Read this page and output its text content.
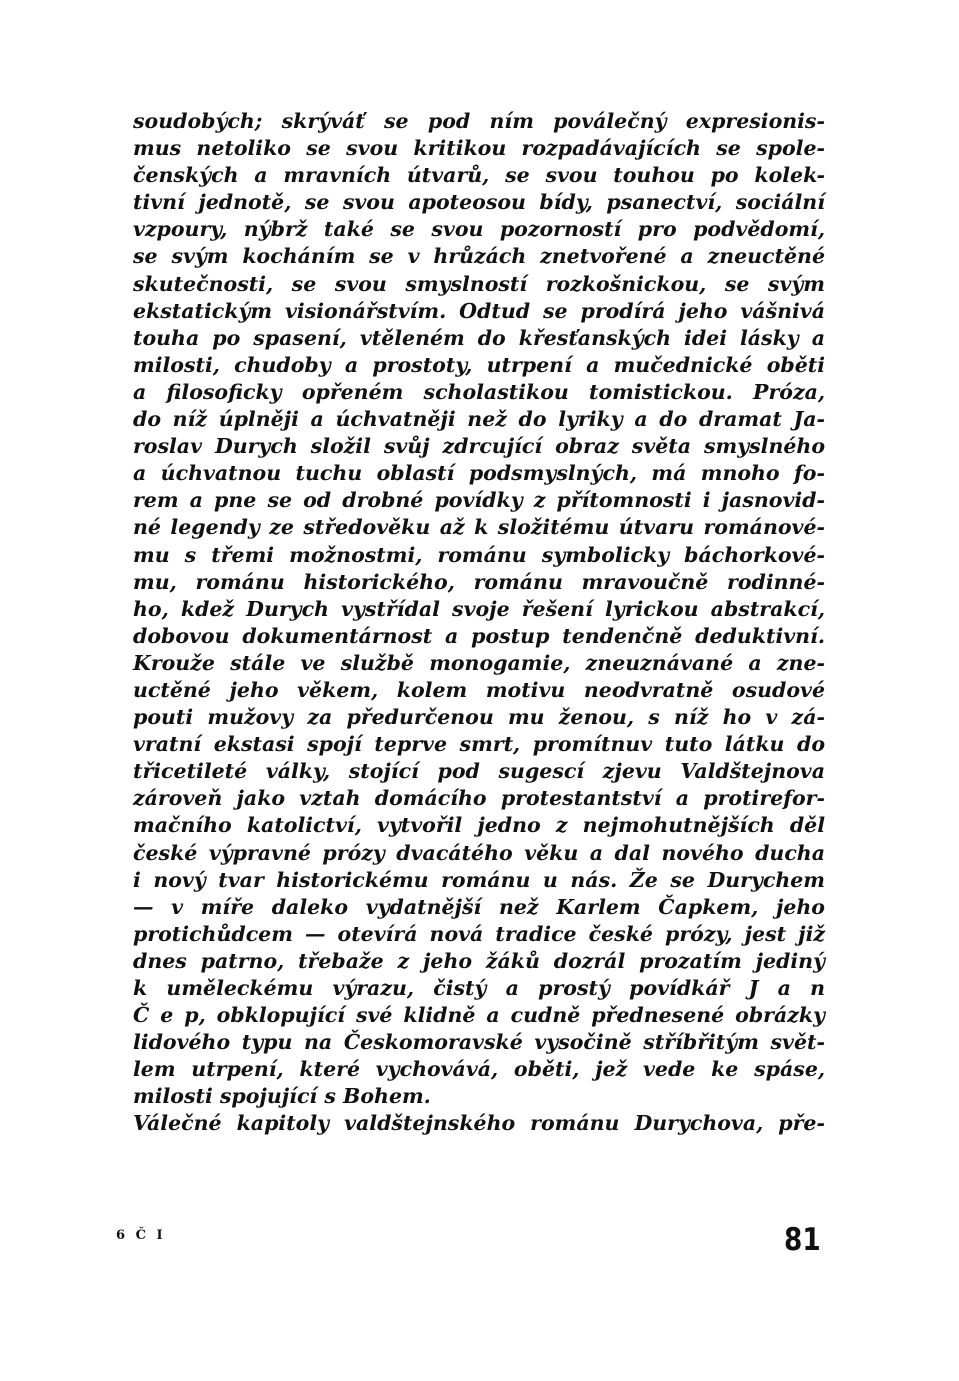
soudobých; skrýváť se pod ním poválečný expresionis-
mus netoliko se svou kritikou rozpadávajících se spole-
čenských a mravních útvarů, se svou touhou po kolek-
tivní jednotě, se svou apoteosou bídy, psanectví, sociální
vzpoury, nýbrž také se svou pozorností pro podvědomí,
se svým kocháním se v hrůzách znetvořené a zneuctěné
skutečnosti, se svou smyslností rozkošnickou, se svým
ekstatickým visionářstvím. Odtud se prodírá jeho vášnivá
touha po spasení, vtěleném do křesťanských idei lásky a
milosti, chudoby a prostoty, utrpení a mučednické oběti
a filosoficky opřeném scholastikou tomistickou. Próza,
do níž úplněji a úchvatněji než do lyriky a do dramat Ja-
roslav Durych složil svůj zdrcující obraz světa smyslného
a úchvatnou tuchu oblastí podsmyslných, má mnoho fo-
rem a pne se od drobné povídky z přítomnosti i jasnovid-
né legendy ze středověku až k složitému útvaru románové-
mu s třemi možnostmi, románu symbolicky báchorkové-
mu, románu historického, románu mravoučně rodinné-
ho, kdež Durych vystřídal svoje řešení lyrickou abstrakcí,
dobovou dokumentárnost a postup tendenčně deduktivní.
Krouže stále ve službě monogamie, zneuznávané a zne-
uctěné jeho věkem, kolem motivu neodvratně osudové
pouti mužovy za předurčenou mu ženou, s níž ho v zá-
vratní ekstasi spojí teprve smrt, promítnuv tuto látku do
třicetileté války, stojící pod sugescí zjevu Valdštejnova
zároveň jako vztah domácího protestantství a protirefor-
mačního katolictví, vytvořil jedno z nejmohutnějších děl
české výpravné prózy dvacátého věku a dal nového ducha
i nový tvar historickému románu u nás. Že se Durychem
— v míře daleko vydatnější než Karlem Čapkem, jeho
protichůdcem — otevírá nová tradice české prózy, jest již
dnes patrno, třebaže z jeho žáků dozrál prozatím jediný
k uměleckému výrazu, čistý a prostý povídkář J a n
Č e p, obklopující své klidně a cudně přednesené obrázky
lidového typu na Českomoravské vysočině stříbřitým svět-
lem utrpení, které vychovává, oběti, jež vede ke spáse,
milosti spojující s Bohem.
Válečné kapitoly valdštejnského románu Durychova, pře-
6 Č I	81
